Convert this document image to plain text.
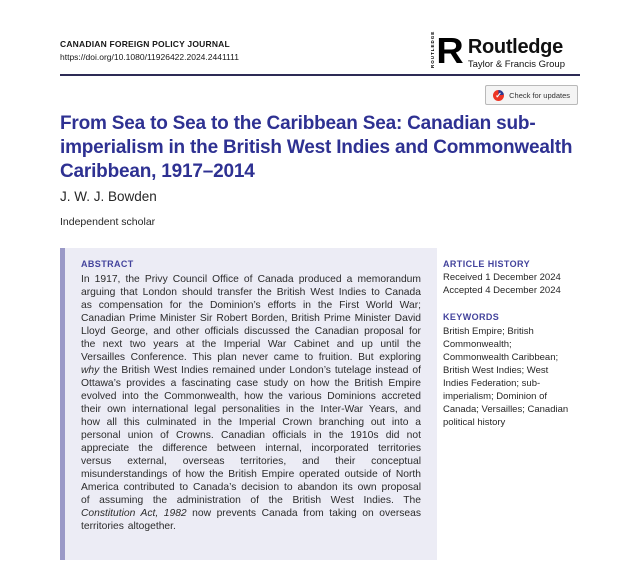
CANADIAN FOREIGN POLICY JOURNAL
https://doi.org/10.1080/11926422.2024.2441111	ROUTLEDGE R Routledge
Taylor & Francis Group
✓
Check for updates
From Sea to Sea to the Caribbean Sea: Canadian sub-
imperialism in the British West Indies and Commonwealth
Caribbean, 1917–2014
J. W. J. Bowden
Independent scholar
ABSTRACT

In 1917, the Privy Council Office of Canada produced a memorandum arguing that London should transfer the British West Indies to Canada as compensation for the Dominion’s efforts in the First World War; Canadian Prime Minister Sir Robert Borden, British Prime Minister David Lloyd George, and other officials discussed the Canadian proposal for the next two years at the Imperial War Cabinet and up until the Versailles Conference. This plan never came to fruition. But exploring why the British West Indies remained under London’s tutelage instead of Ottawa’s provides a fascinating case study on how the British Empire evolved into the Commonwealth, how the various Dominions accreted their own international legal personalities in the Inter-War Years, and how all this culminated in the Imperial Crown branching out into a personal union of Crowns. Canadian officials in the 1910s did not appreciate the difference between internal, incorporated territories versus external, overseas territories, and their conceptual misunderstandings of how the British Empire operated outside of North America contributed to Canada’s decision to abandon its own proposal of assuming the administration of the British West Indies. The Constitution Act, 1982 now prevents Canada from taking on overseas territories altogether.

ARTICLE HISTORY
Received 1 December 2024
Accepted 4 December 2024
KEYWORDS
British Empire; British Commonwealth; Commonwealth Caribbean; British West Indies; West Indies Federation; sub-imperialism; Dominion of Canada; Versailles; Canadian political history
